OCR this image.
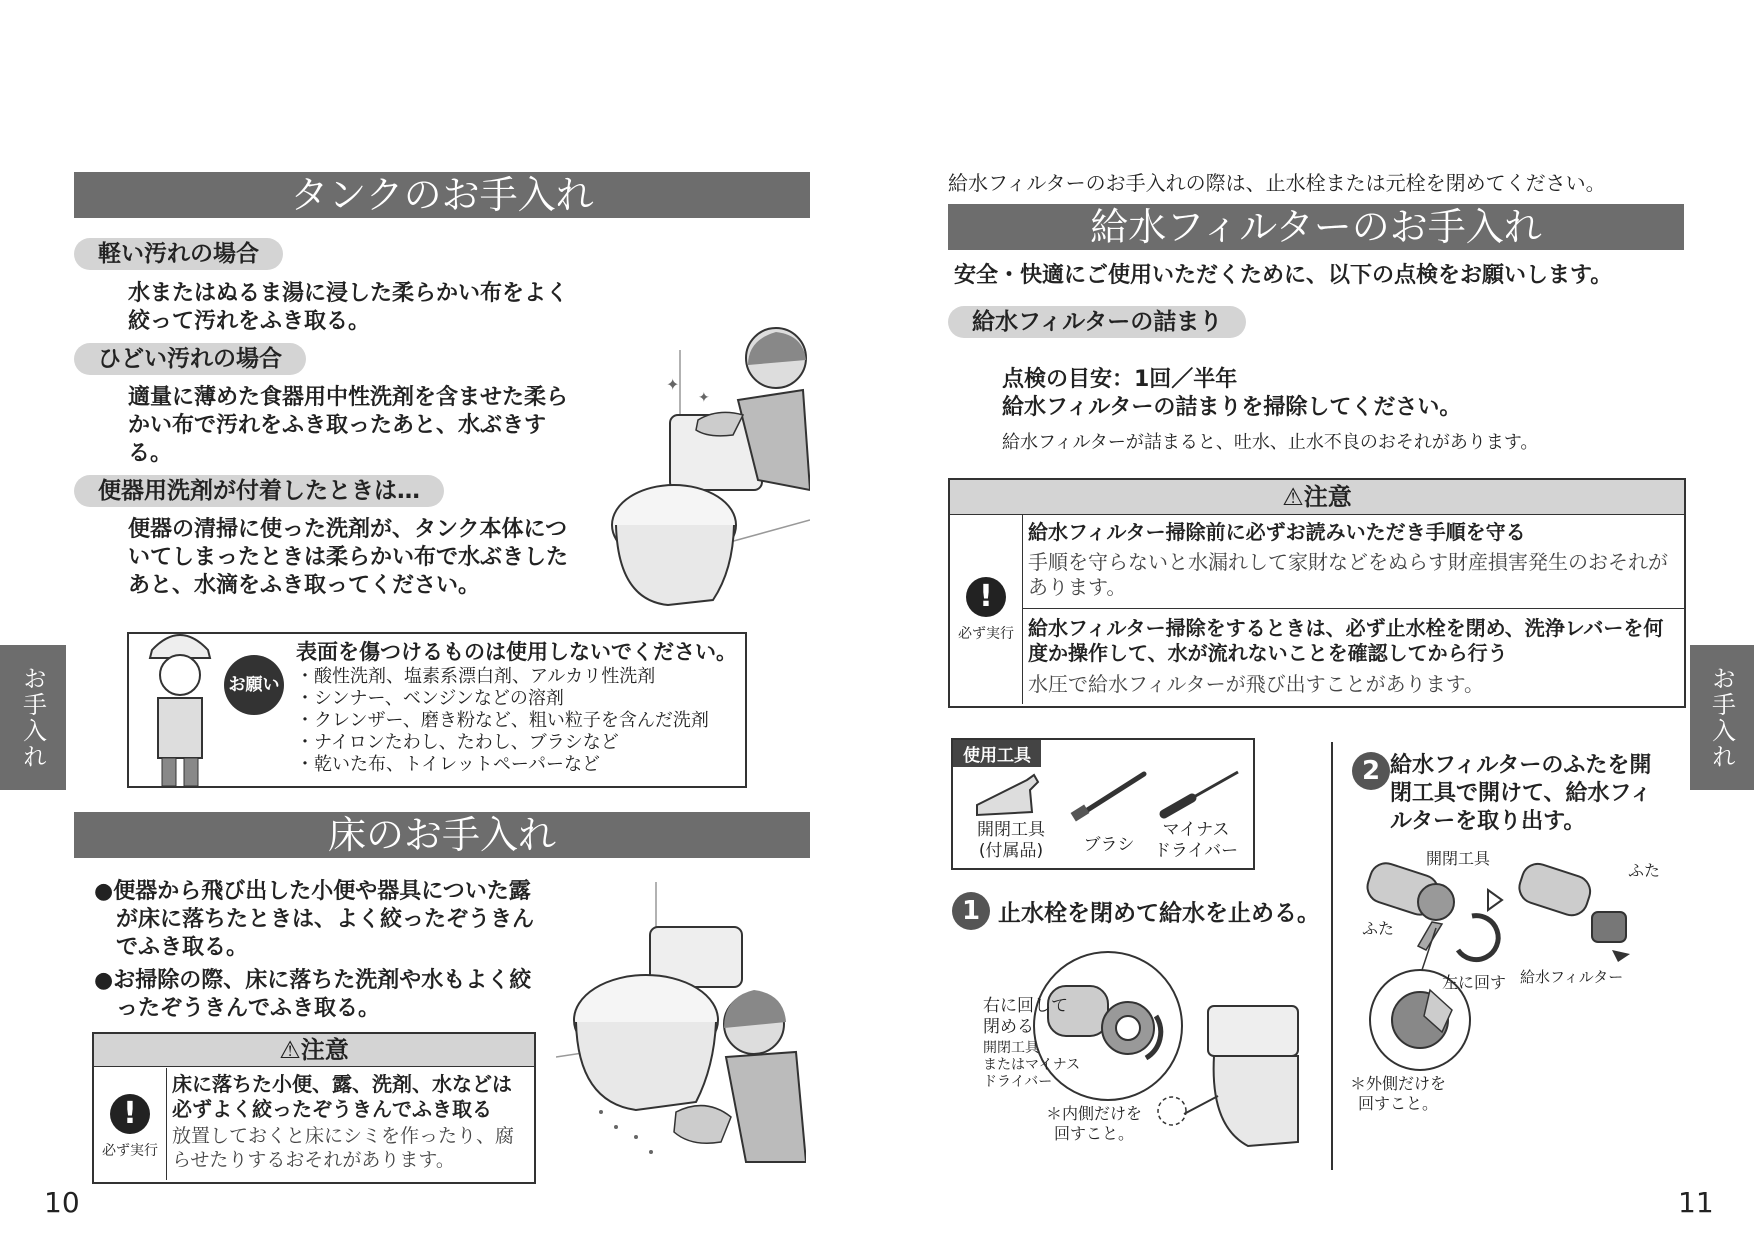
タンクのお手入れ
軽い汚れの場合
水またはぬるま湯に浸した柔らかい布をよく絞って汚れをふき取る。
ひどい汚れの場合
適量に薄めた食器用中性洗剤を含ませた柔らかい布で汚れをふき取ったあと、水ぶきする。
便器用洗剤が付着したときは…
便器の清掃に使った洗剤が、タンク本体についてしまったときは柔らかい布で水ぶきしたあと、水滴をふき取ってください。
✦
✦
お願い
表面を傷つけるものは使用しないでください。
・酸性洗剤、塩素系漂白剤、アルカリ性洗剤
・シンナー、ベンジンなどの溶剤
・クレンザー、磨き粉など、粗い粒子を含んだ洗剤
・ナイロンたわし、たわし、ブラシなど
・乾いた布、トイレットペーパーなど
床のお手入れ
●便器から飛び出した小便や器具についた露が床に落ちたときは、よく絞ったぞうきんでふき取る。
●お掃除の際、床に落ちた洗剤や水もよく絞ったぞうきんでふき取る。
⚠注意
!
必ず実行
床に落ちた小便、露、洗剤、水などは必ずよく絞ったぞうきんでふき取る
放置しておくと床にシミを作ったり、腐らせたりするおそれがあります。
お手入れ
10
給水フィルターのお手入れの際は、止水栓または元栓を閉めてください。
給水フィルターのお手入れ
安全・快適にご使用いただくために、以下の点検をお願いします。
給水フィルターの詰まり
点検の目安：1回／半年
給水フィルターの詰まりを掃除してください。
給水フィルターが詰まると、吐水、止水不良のおそれがあります。
⚠注意
!
必ず実行
給水フィルター掃除前に必ずお読みいただき手順を守る
手順を守らないと水漏れして家財などをぬらす財産損害発生のおそれがあります。
給水フィルター掃除をするときは、必ず止水栓を閉め、洗浄レバーを何度か操作して、水が流れないことを確認してから行う
水圧で給水フィルターが飛び出すことがあります。
使用工具
開閉工具
(付属品)	ブラシ
マイナス
ドライバー
1 止水栓を閉めて給水を止める。
右に回して
閉める
開閉工具
またはマイナス
ドライバー
＊内側だけを
回すこと。
2 給水フィルターのふたを開閉工具で開けて、給水フィルターを取り出す。
開閉工具
ふた
ふた
左に回す 給水フィルター
＊外側だけを
回すこと。
お手入れ
11
